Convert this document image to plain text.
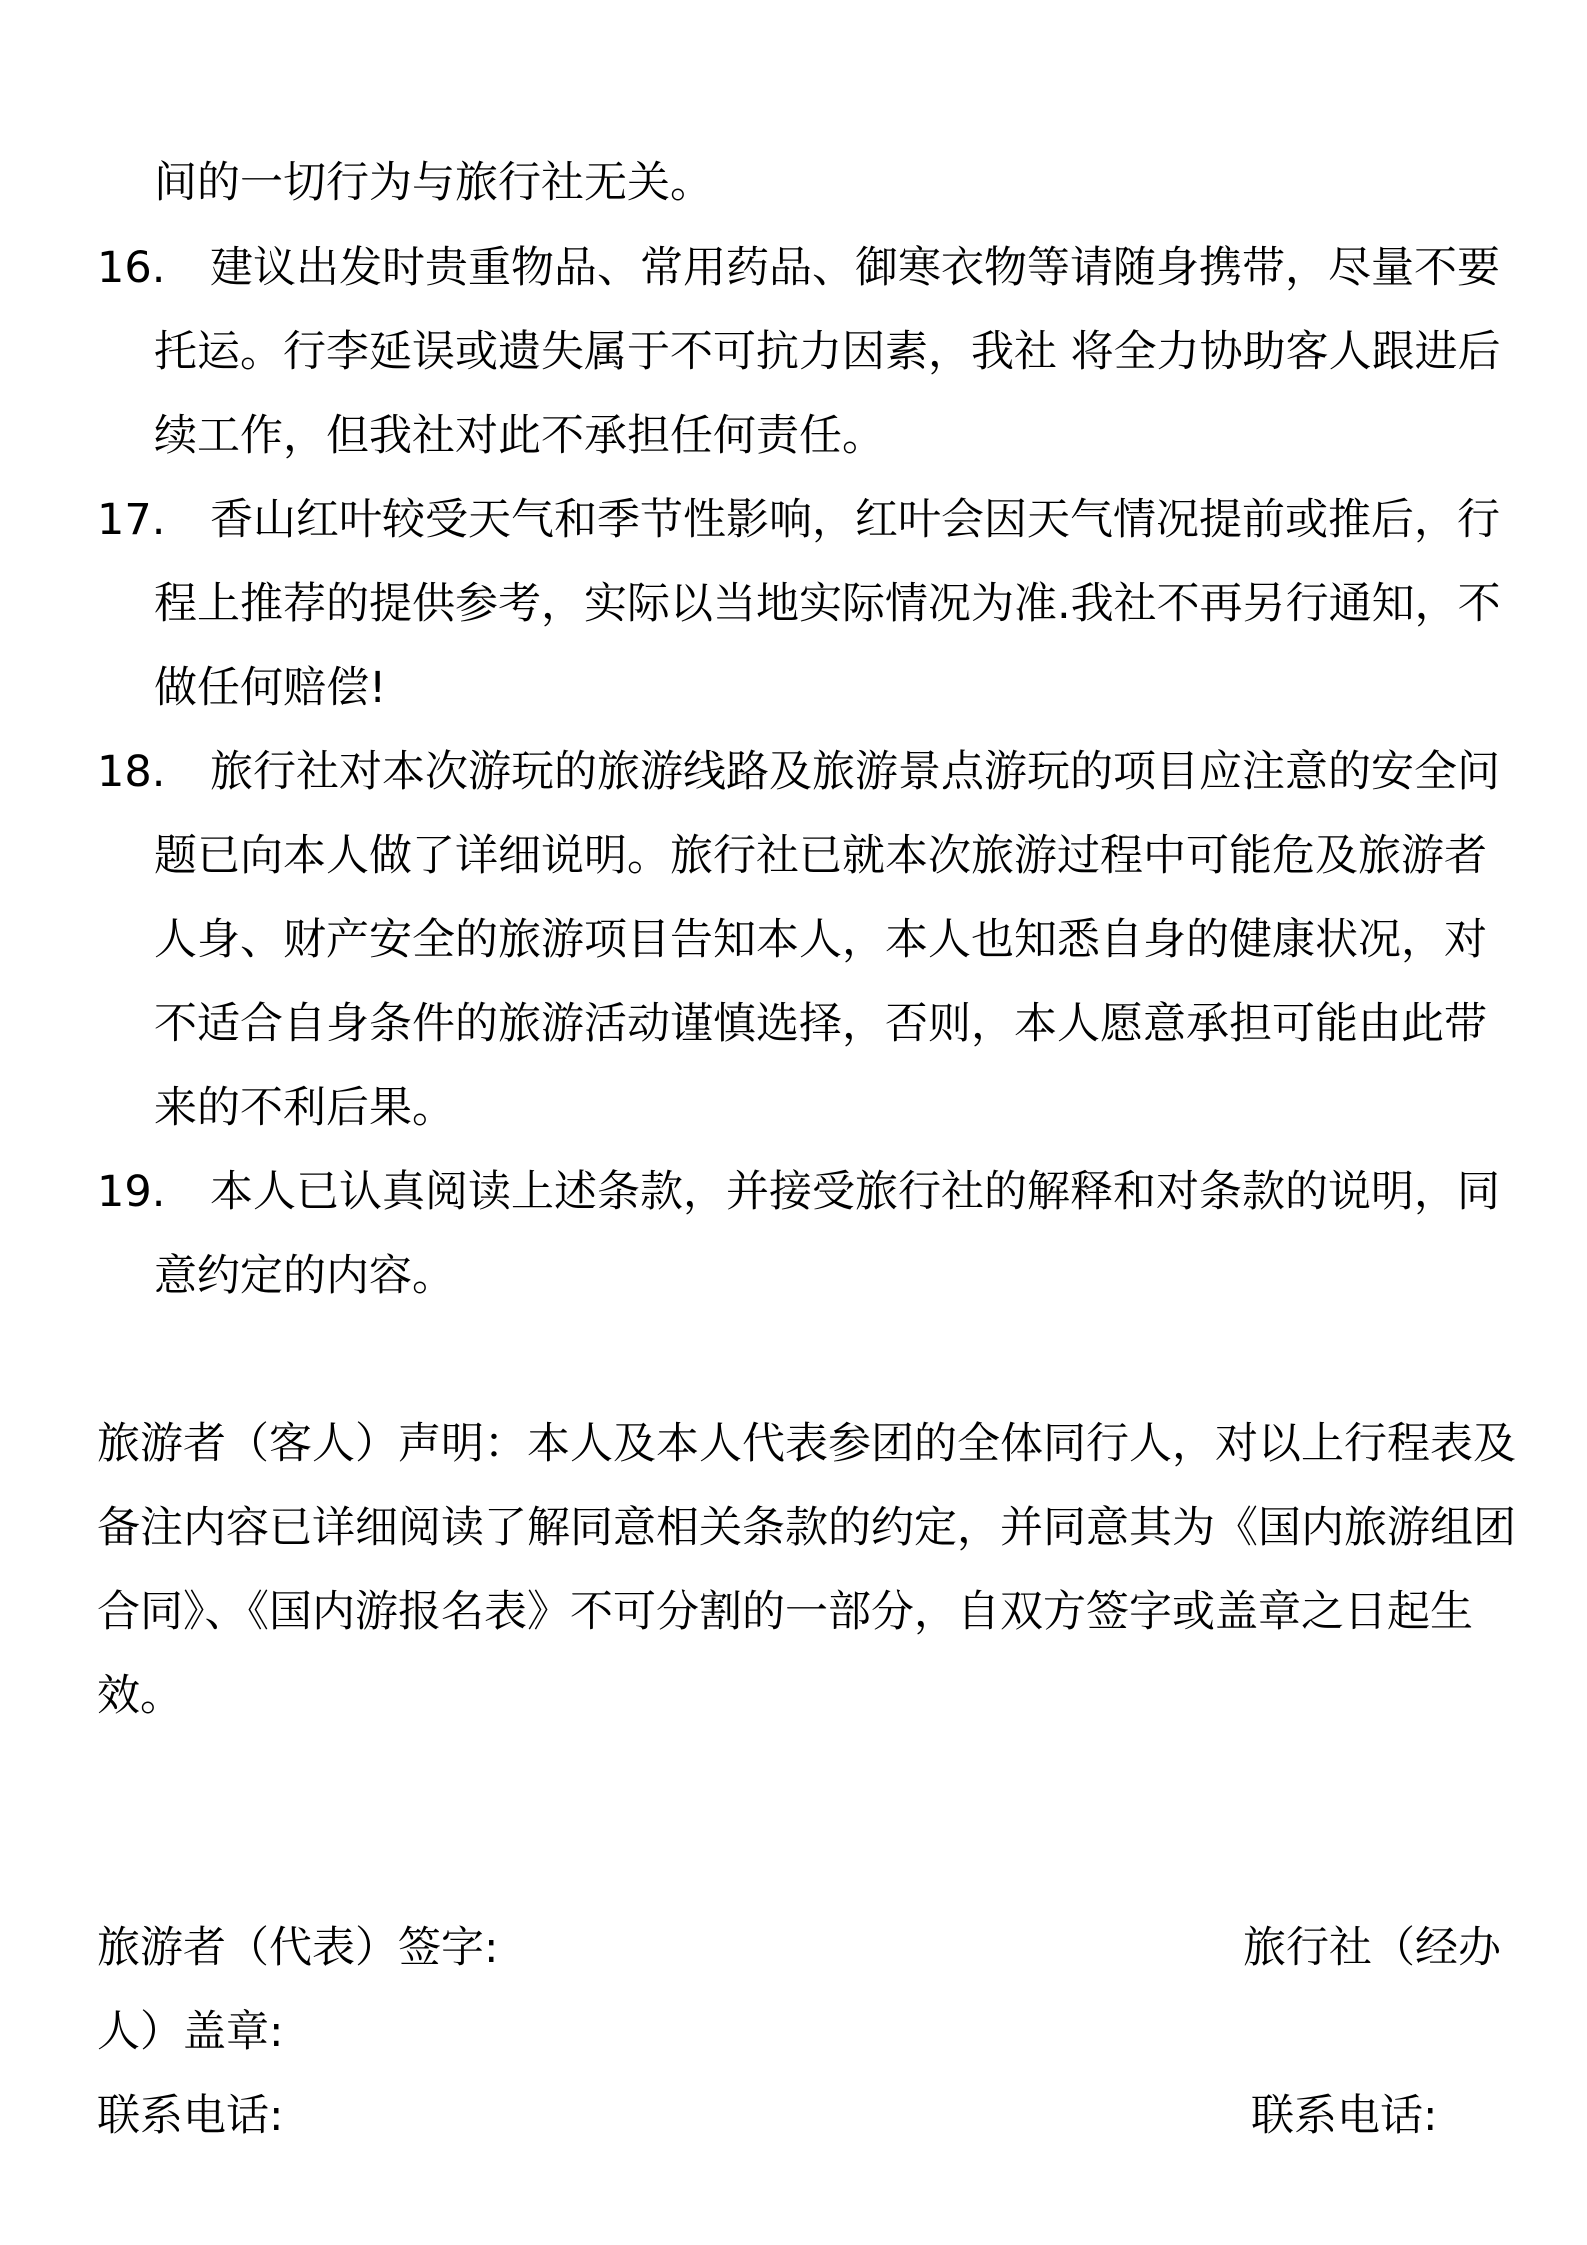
间的一切行为与旅行社无关。
16. 建议出发时贵重物品、常用药品、御寒衣物等请随身携带，尽量不要
托运。行李延误或遗失属于不可抗力因素，我社 将全力协助客人跟进后
续工作，但我社对此不承担任何责任。
17. 香山红叶较受天气和季节性影响，红叶会因天气情况提前或推后，行
程上推荐的提供参考，实际以当地实际情况为准.我社不再另行通知，不
做任何赔偿!
18. 旅行社对本次游玩的旅游线路及旅游景点游玩的项目应注意的安全问
题已向本人做了详细说明。旅行社已就本次旅游过程中可能危及旅游者
人身、财产安全的旅游项目告知本人，本人也知悉自身的健康状况，对
不适合自身条件的旅游活动谨慎选择，否则，本人愿意承担可能由此带
来的不利后果。
19. 本人已认真阅读上述条款，并接受旅行社的解释和对条款的说明，同
意约定的内容。
旅游者（客人）声明：本人及本人代表参团的全体同行人，对以上行程表及
备注内容已详细阅读了解同意相关条款的约定，并同意其为《国内旅游组团
合同》、《国内游报名表》不可分割的一部分，自双方签字或盖章之日起生
效。
旅游者（代表）签字:	旅行社（经办
人）盖章:
联系电话:	联系电话:
